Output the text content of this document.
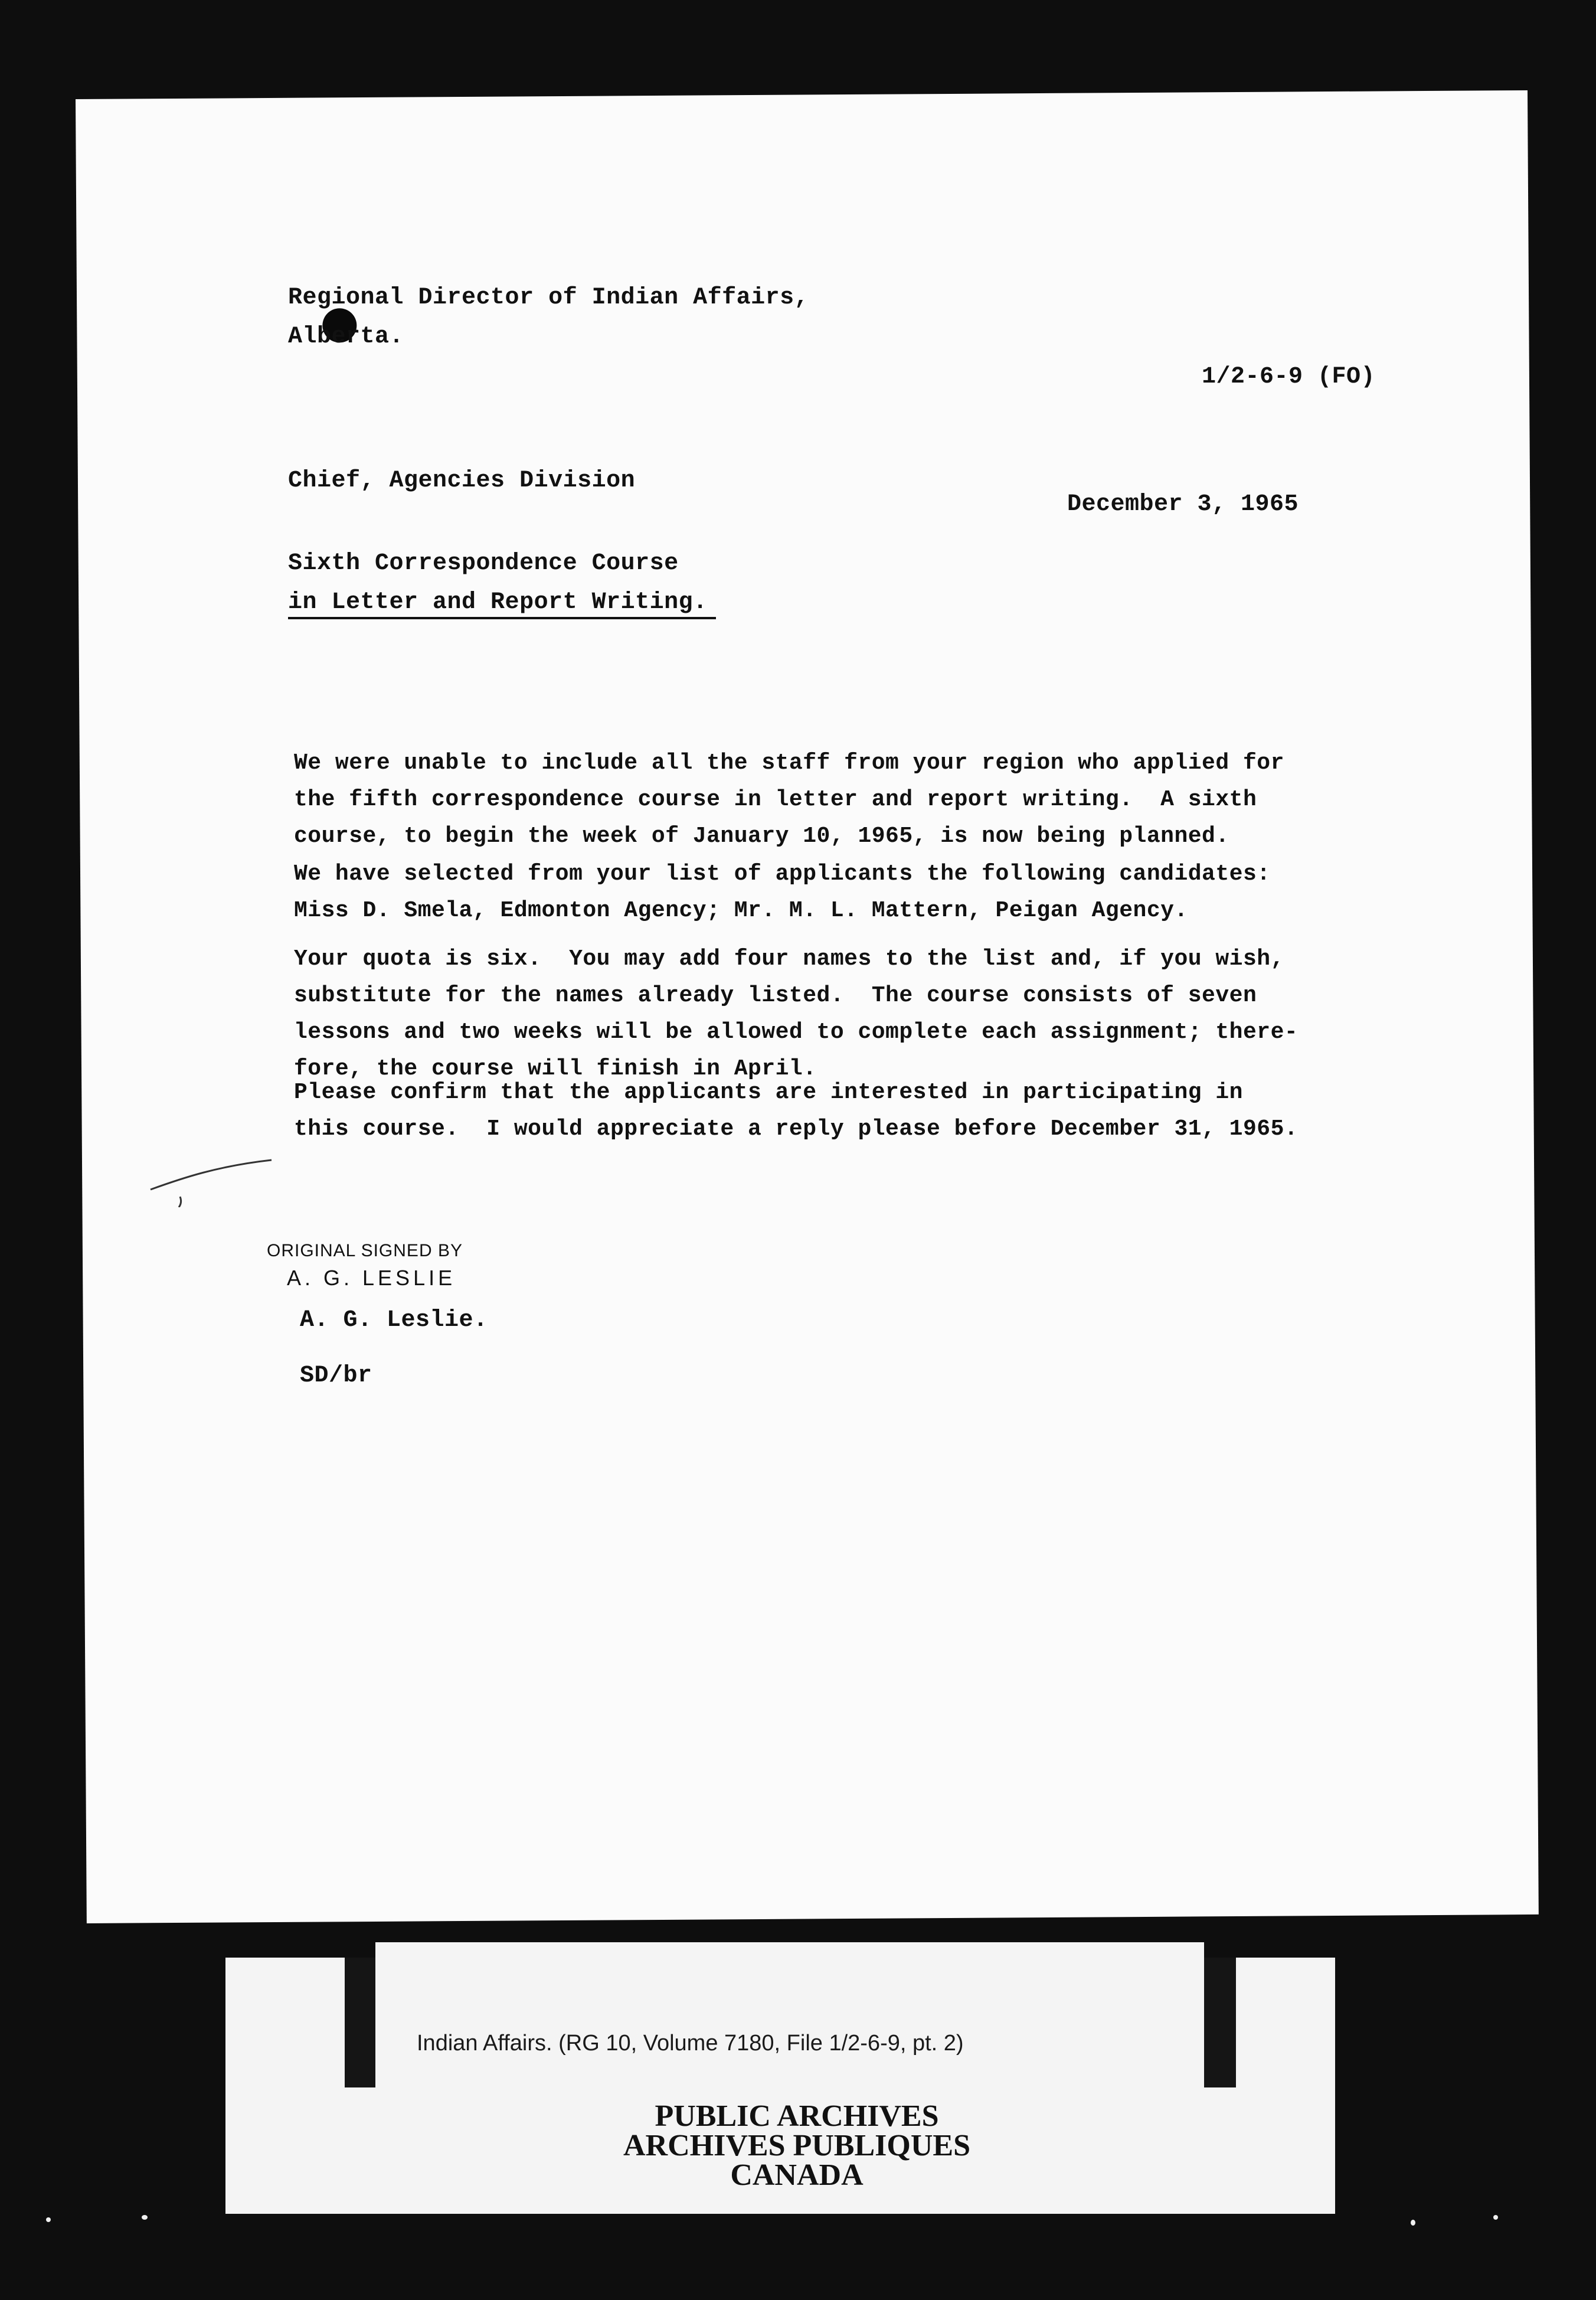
Regional Director of Indian Affairs,
Alberta.
1/2-6-9 (FO)
Chief, Agencies Division
December 3, 1965
Sixth Correspondence Course
in Letter and Report Writing.
We were unable to include all the staff from your region who applied for
the fifth correspondence course in letter and report writing.  A sixth
course, to begin the week of January 10, 1965, is now being planned.
We have selected from your list of applicants the following candidates:
Miss D. Smela, Edmonton Agency; Mr. M. L. Mattern, Peigan Agency.
Your quota is six.  You may add four names to the list and, if you wish,
substitute for the names already listed.  The course consists of seven
lessons and two weeks will be allowed to complete each assignment; there-
fore, the course will finish in April.
Please confirm that the applicants are interested in participating in
this course.  I would appreciate a reply please before December 31, 1965.
ORIGINAL SIGNED BY
A. G. LESLIE
A. G. Leslie.
SD/br
Indian Affairs. (RG 10, Volume 7180, File 1/2-6-9, pt. 2)
PUBLIC ARCHIVES
ARCHIVES PUBLIQUES
CANADA
